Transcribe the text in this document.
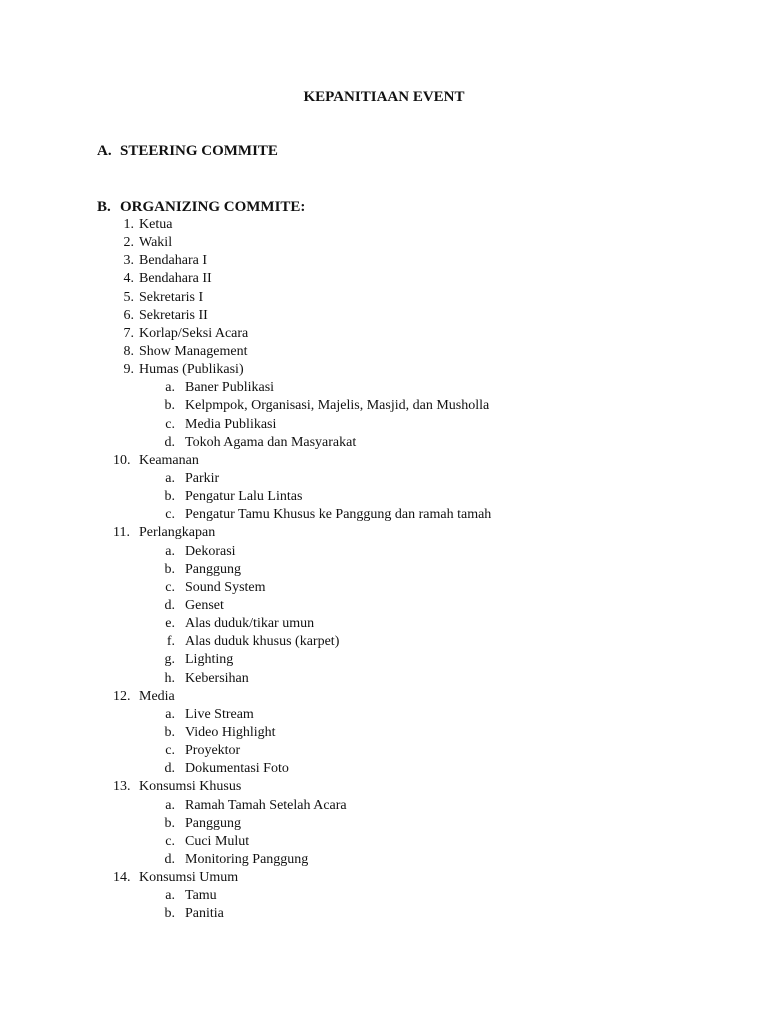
KEPANITIAAN EVENT
A. STEERING COMMITE
B. ORGANIZING COMMITE:
1. Ketua
2. Wakil
3. Bendahara I
4. Bendahara II
5. Sekretaris I
6. Sekretaris II
7. Korlap/Seksi Acara
8. Show Management
9. Humas (Publikasi)
a. Baner Publikasi
b. Kelpmpok, Organisasi, Majelis, Masjid, dan Musholla
c. Media Publikasi
d. Tokoh Agama dan Masyarakat
10. Keamanan
a. Parkir
b. Pengatur Lalu Lintas
c. Pengatur Tamu Khusus ke Panggung dan ramah tamah
11. Perlangkapan
a. Dekorasi
b. Panggung
c. Sound System
d. Genset
e. Alas duduk/tikar umun
f. Alas duduk khusus (karpet)
g. Lighting
h. Kebersihan
12. Media
a. Live Stream
b. Video Highlight
c. Proyektor
d. Dokumentasi Foto
13. Konsumsi Khusus
a. Ramah Tamah Setelah Acara
b. Panggung
c. Cuci Mulut
d. Monitoring Panggung
14. Konsumsi Umum
a. Tamu
b. Panitia
